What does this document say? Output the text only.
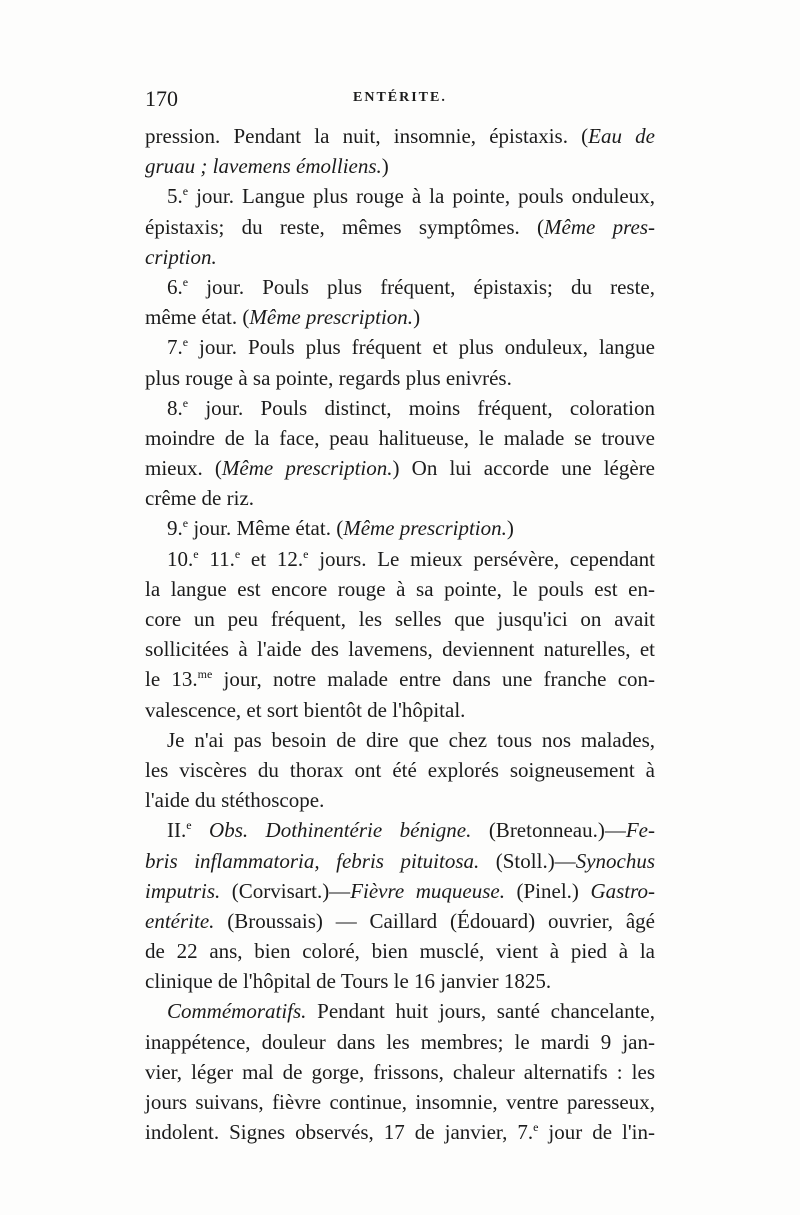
170	ENTÉRITE.
pression. Pendant la nuit, insomnie, épistaxis. (Eau de
gruau ; lavemens émolliens.)
5.$^e$ jour. Langue plus rouge à la pointe, pouls onduleux,
épistaxis; du reste, mêmes symptômes. (Même pres-
cription.
6.$^e$ jour. Pouls plus fréquent, épistaxis; du reste,
même état. (Même prescription.)
7.$^e$ jour. Pouls plus fréquent et plus onduleux, langue
plus rouge à sa pointe, regards plus enivrés.
8.$^e$ jour. Pouls distinct, moins fréquent, coloration
moindre de la face, peau halitueuse, le malade se trouve
mieux. (Même prescription.) On lui accorde une légère
crême de riz.
9.$^e$ jour. Même état. (Même prescription.)
10.$^e$ 11.$^e$ et 12.$^e$ jours. Le mieux persévère, cependant
la langue est encore rouge à sa pointe, le pouls est en-
core un peu fréquent, les selles que jusqu'ici on avait
sollicitées à l'aide des lavemens, deviennent naturelles, et
le 13.$^{me}$ jour, notre malade entre dans une franche con-
valescence, et sort bientôt de l'hôpital.
Je n'ai pas besoin de dire que chez tous nos malades,
les viscères du thorax ont été explorés soigneusement à
l'aide du stéthoscope.
II.$^e$ Obs. Dothinentérie bénigne. (Bretonneau.)—Fe-
bris inflammatoria, febris pituitosa. (Stoll.)—Synochus
imputris. (Corvisart.)—Fièvre muqueuse. (Pinel.) Gastro-
entérite. (Broussais) — Caillard (Édouard) ouvrier, âgé
de 22 ans, bien coloré, bien musclé, vient à pied à la
clinique de l'hôpital de Tours le 16 janvier 1825.
Commémoratifs. Pendant huit jours, santé chancelante,
inappétence, douleur dans les membres; le mardi 9 jan-
vier, léger mal de gorge, frissons, chaleur alternatifs : les
jours suivans, fièvre continue, insomnie, ventre paresseux,
indolent. Signes observés, 17 de janvier, 7.$^e$ jour de l'in-
